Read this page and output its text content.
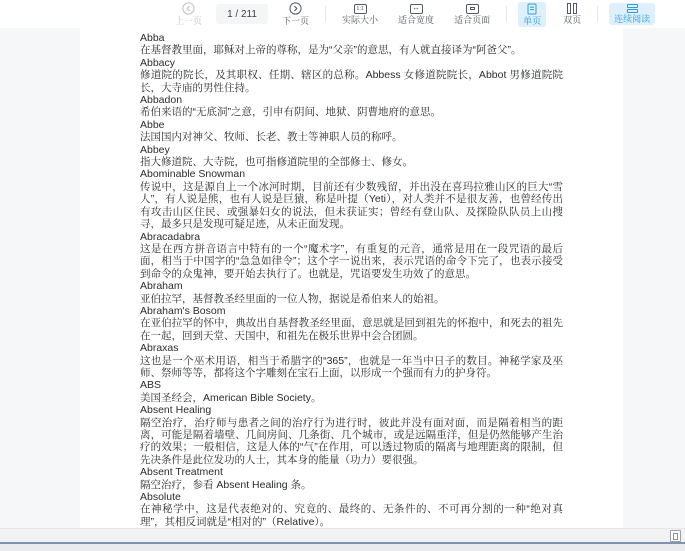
上一页
1 / 211
下一页
1:1
实际大小
↔
适合宽度 适合页面	单页 双页	连续阅读
Abba
在基督教里面，耶稣对上帝的尊称，是为“父亲”的意思，有人就直接译为“阿爸父”。
Abbacy
修道院的院长，及其职权、任期、辖区的总称。Abbess 女修道院院长，Abbot 男修道院院长，大寺庙的男性住持。
Abbadon
希伯来语的“无底洞”之意，引申有阴间、地狱、阴曹地府的意思。
Abbe
法国国内对神父、牧师、长老、教士等神职人员的称呼。
Abbey
指大修道院、大寺院，也可指修道院里的全部修士、修女。
Abominable Snowman
传说中，这是源自上一个冰河时期，目前还有少数残留，并出没在喜玛拉雅山区的巨大“雪人”，有人说是熊，也有人说是巨猿，称是叶提（Yeti），对人类并不是很友善，也曾经传出有攻击山区住民、或强暴妇女的说法，但未获证实；曾经有登山队、及探险队队员上山搜寻，最多只是发现可疑足迹，从未正面发现。
Abracadabra
这是在西方拼音语言中特有的一个“魔术字”，有重复的元音，通常是用在一段咒语的最后面，相当于中国字的“急急如律令”；这个字一说出来，表示咒语的命令下完了，也表示接受到命令的众鬼神，要开始去执行了。也就是，咒语要发生功效了的意思。
Abraham
亚伯拉罕，基督教圣经里面的一位人物，据说是希伯来人的始祖。
Abraham's Bosom
在亚伯拉罕的怀中，典故出自基督教圣经里面，意思就是回到祖先的怀抱中，和死去的祖先在一起，回到天堂、天国中，和祖先在极乐世界中会合团圆。
Abraxas
这也是一个巫术用语，相当于希腊字的“365”，也就是一年当中日子的数目。神秘学家及巫师、祭师等等，都将这个字雕刻在宝石上面，以形成一个强而有力的护身符。
ABS
美国圣经会，American Bible Society。
Absent Healing
隔空治疗，治疗师与患者之间的治疗行为进行时，彼此并没有面对面，而是隔着相当的距离，可能是隔着墙壁、几间房间、几条街、几个城市，或是远隔重洋，但是仍然能够产生治疗的效果；一般相信，这是人体的“气”在作用，可以透过物质的隔离与地理距离的限制，但先决条件是此位发功的人士，其本身的能量（功力）要很强。
Absent Treatment
隔空治疗，参看 Absent Healing 条。
Absolute
在神秘学中，这是代表绝对的、究竟的、最终的、无条件的、不可再分割的一种“绝对真理”，其相反词就是“相对的”（Relative）。
